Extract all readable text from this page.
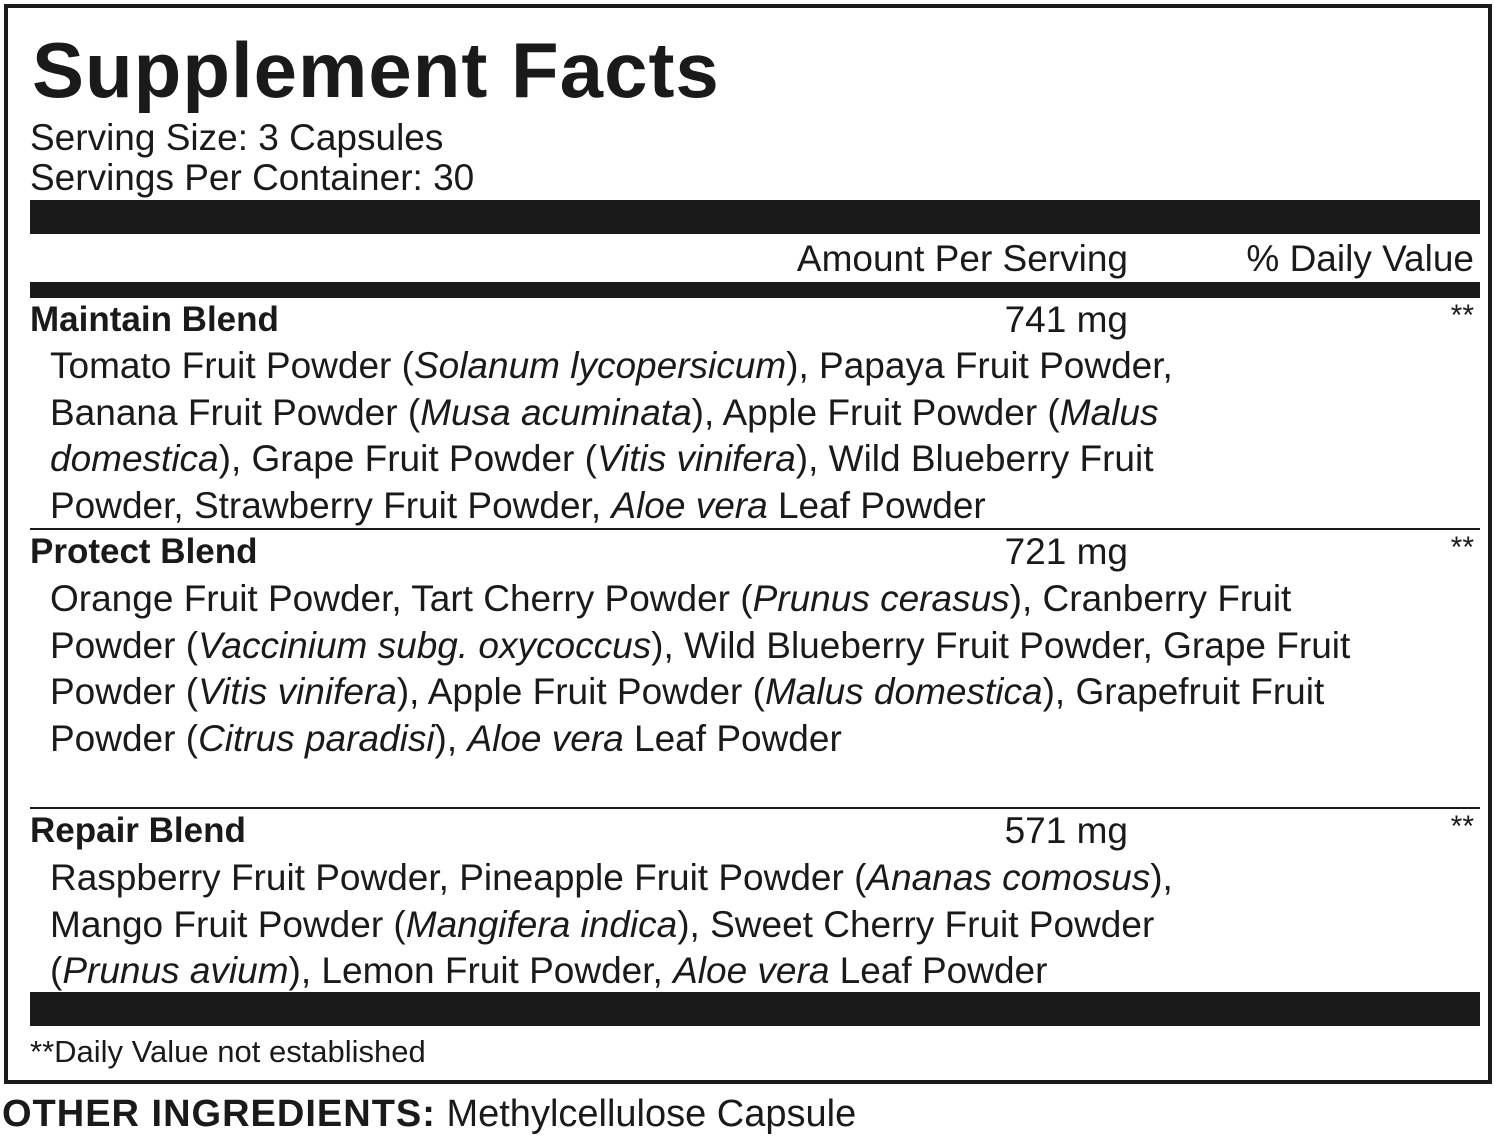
Supplement Facts
Serving Size: 3 Capsules
Servings Per Container: 30
Amount Per Serving	% Daily Value
Maintain Blend	741 mg	**
Tomato Fruit Powder (Solanum lycopersicum), Papaya Fruit Powder, Banana Fruit Powder (Musa acuminata), Apple Fruit Powder (Malus domestica), Grape Fruit Powder (Vitis vinifera), Wild Blueberry Fruit Powder, Strawberry Fruit Powder, Aloe vera Leaf Powder
Protect Blend	721 mg	**
Orange Fruit Powder, Tart Cherry Powder (Prunus cerasus), Cranberry Fruit Powder (Vaccinium subg. oxycoccus), Wild Blueberry Fruit Powder, Grape Fruit Powder (Vitis vinifera), Apple Fruit Powder (Malus domestica), Grapefruit Fruit Powder (Citrus paradisi), Aloe vera Leaf Powder
Repair Blend	571 mg	**
Raspberry Fruit Powder, Pineapple Fruit Powder (Ananas comosus), Mango Fruit Powder (Mangifera indica), Sweet Cherry Fruit Powder (Prunus avium), Lemon Fruit Powder, Aloe vera Leaf Powder
**Daily Value not established
OTHER INGREDIENTS: Methylcellulose Capsule
